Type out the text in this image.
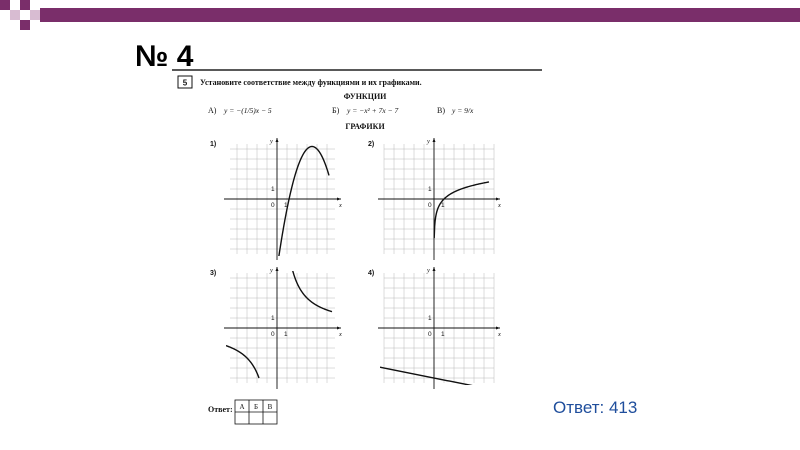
№ 4
5 Установите соответствие между функциями и их графиками.
ФУНКЦИИ
А) y = −(1/5)x − 5	Б) y = −x² + 7x − 7	В) y = 9/x
ГРАФИКИ
1)
x
y
0 1
1
2)
x
y
0 1
1
3)
x
y
0 1
1
4)
x
y
0 1
1
Ответ: А Б В	Ответ: 413
